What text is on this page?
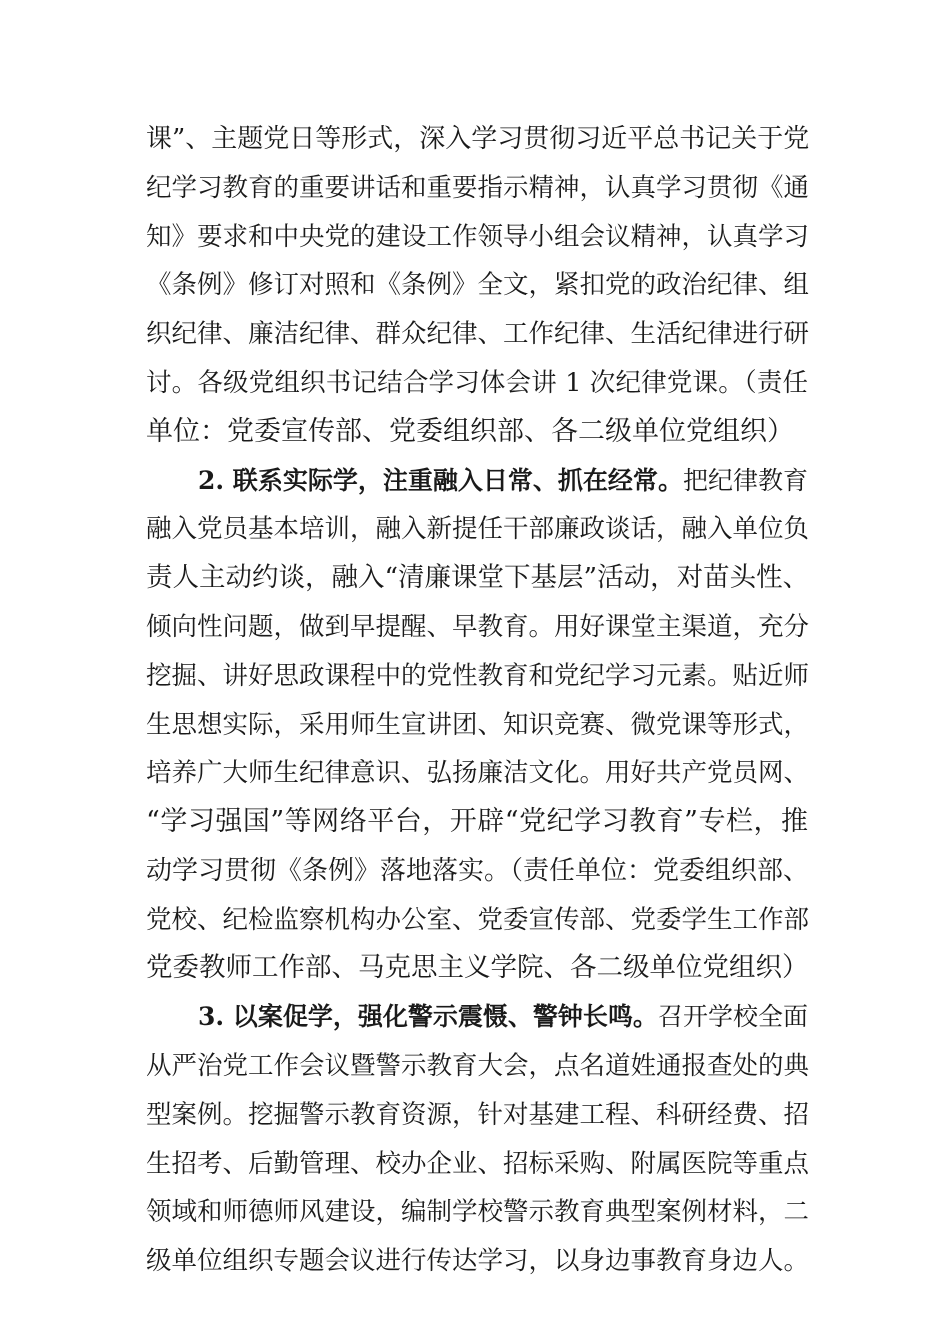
课”、主题党日等形式，深入学习贯彻习近平总书记关于党
纪学习教育的重要讲话和重要指示精神，认真学习贯彻《通
知》要求和中央党的建设工作领导小组会议精神，认真学习
《条例》修订对照和《条例》全文，紧扣党的政治纪律、组
织纪律、廉洁纪律、群众纪律、工作纪律、生活纪律进行研
讨。各级党组织书记结合学习体会讲 1 次纪律党课。（责任
单位：党委宣传部、党委组织部、各二级单位党组织）
2. 联系实际学，注重融入日常、抓在经常。把纪律教育
融入党员基本培训，融入新提任干部廉政谈话，融入单位负
责人主动约谈，融入“清廉课堂下基层”活动，对苗头性、
倾向性问题，做到早提醒、早教育。用好课堂主渠道，充分
挖掘、讲好思政课程中的党性教育和党纪学习元素。贴近师
生思想实际，采用师生宣讲团、知识竞赛、微党课等形式，
培养广大师生纪律意识、弘扬廉洁文化。用好共产党员网、
“学习强国”等网络平台，开辟“党纪学习教育”专栏，推
动学习贯彻《条例》落地落实。（责任单位：党委组织部、
党校、纪检监察机构办公室、党委宣传部、党委学生工作部
党委教师工作部、马克思主义学院、各二级单位党组织）
3. 以案促学，强化警示震慑、警钟长鸣。召开学校全面
从严治党工作会议暨警示教育大会，点名道姓通报查处的典
型案例。挖掘警示教育资源，针对基建工程、科研经费、招
生招考、后勤管理、校办企业、招标采购、附属医院等重点
领域和师德师风建设，编制学校警示教育典型案例材料，二
级单位组织专题会议进行传达学习，以身边事教育身边人。
